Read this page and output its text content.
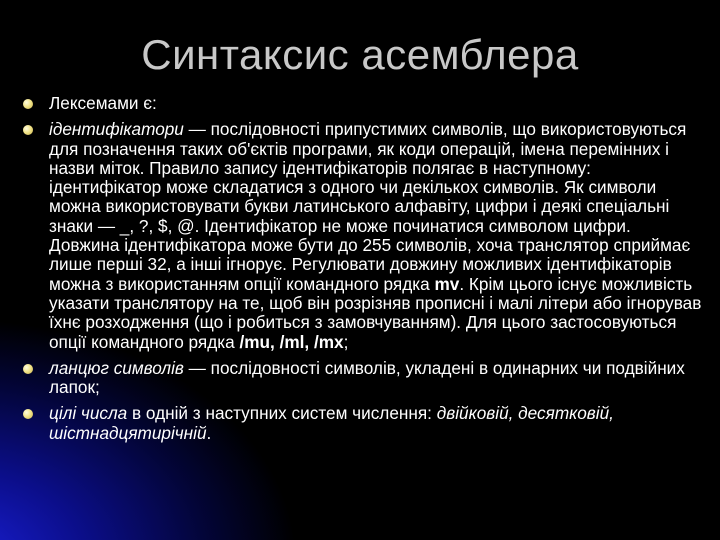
Синтаксис асемблера
Лексемами є:
ідентифікатори — послідовності припустимих символів, що використовуються для позначення таких об'єктів програми, як коди операцій, імена перемінних і назви міток. Правило запису ідентифікаторів полягає в наступному: ідентифікатор може складатися з одного чи декількох символів. Як символи можна використовувати букви латинського алфавіту, цифри і деякі спеціальні знаки — _, ?, $, @. Ідентифікатор не може починатися символом цифри. Довжина ідентифікатора може бути до 255 символів, хоча транслятор сприймає лише перші 32, а інші ігнорує. Регулювати довжину можливих ідентифікаторів можна з використанням опції командного рядка mv. Крім цього існує можливість указати транслятору на те, щоб він розрізняв прописні і малі літери або ігнорував їхнє розходження (що і робиться з замовчуванням). Для цього застосовуються опції командного рядка /mu, /ml, /mx;
ланцюг символів — послідовності символів, укладені в одинарних чи подвійних лапок;
цілі числа в одній з наступних систем числення: двійковій, десятковій, шістнадцятирічній.
